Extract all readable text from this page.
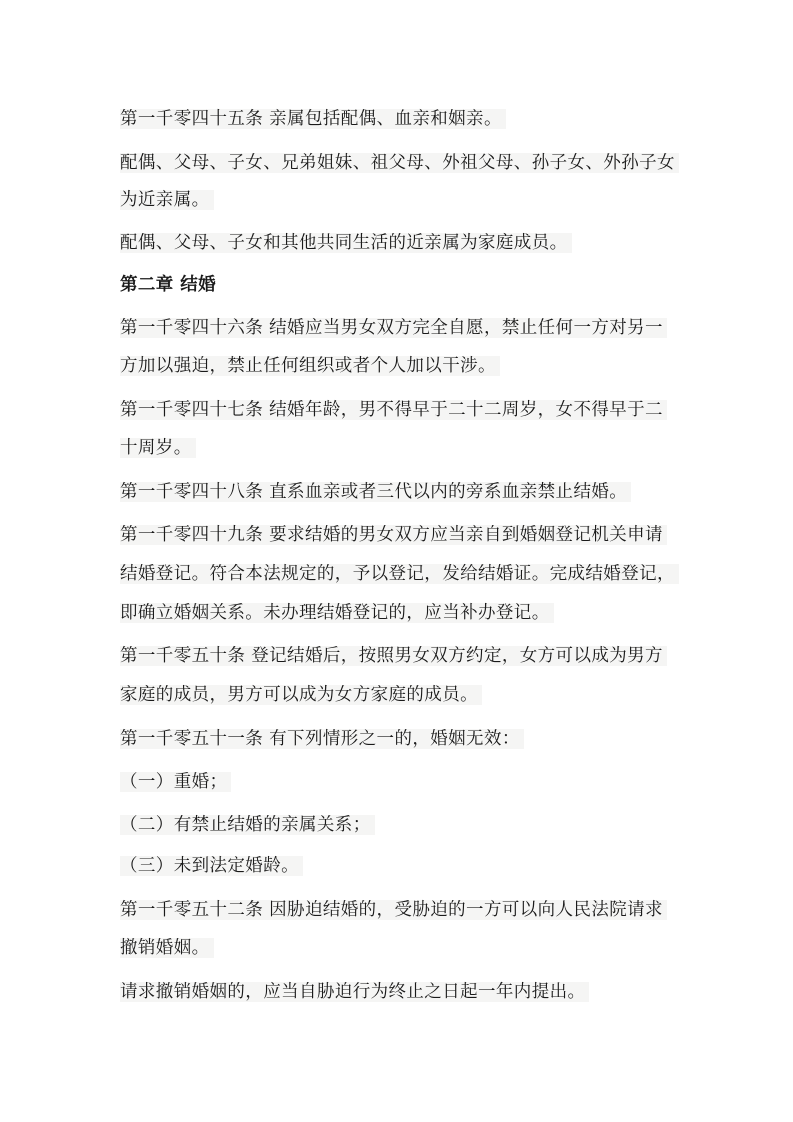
第一千零四十五条 亲属包括配偶、血亲和姻亲。
配偶、父母、子女、兄弟姐妹、祖父母、外祖父母、孙子女、外孙子女
为近亲属。
配偶、父母、子女和其他共同生活的近亲属为家庭成员。
第二章 结婚
第一千零四十六条 结婚应当男女双方完全自愿，禁止任何一方对另一
方加以强迫，禁止任何组织或者个人加以干涉。
第一千零四十七条 结婚年龄，男不得早于二十二周岁，女不得早于二
十周岁。
第一千零四十八条 直系血亲或者三代以内的旁系血亲禁止结婚。
第一千零四十九条 要求结婚的男女双方应当亲自到婚姻登记机关申请
结婚登记。符合本法规定的，予以登记，发给结婚证。完成结婚登记，
即确立婚姻关系。未办理结婚登记的，应当补办登记。
第一千零五十条 登记结婚后，按照男女双方约定，女方可以成为男方
家庭的成员，男方可以成为女方家庭的成员。
第一千零五十一条 有下列情形之一的，婚姻无效：
（一）重婚；
（二）有禁止结婚的亲属关系；
（三）未到法定婚龄。
第一千零五十二条 因胁迫结婚的，受胁迫的一方可以向人民法院请求
撤销婚姻。
请求撤销婚姻的，应当自胁迫行为终止之日起一年内提出。
